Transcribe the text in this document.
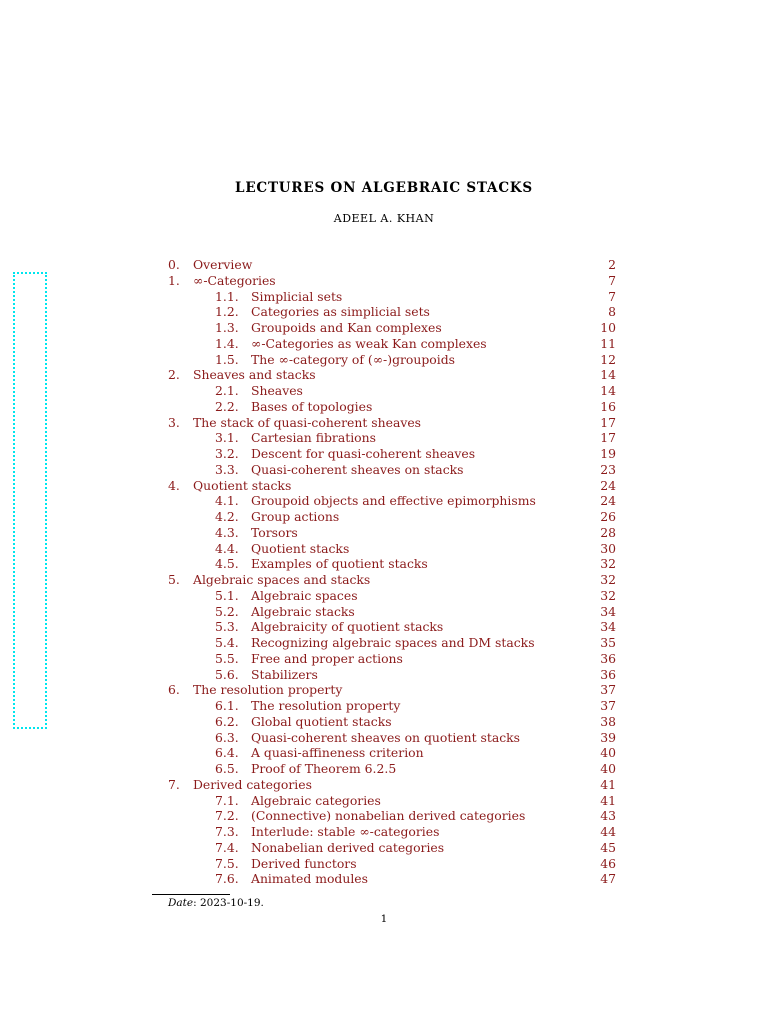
LECTURES ON ALGEBRAIC STACKS
ADEEL A. KHAN
0. Overview	2
1. ∞-Categories	7
1.1. Simplicial sets	7
1.2. Categories as simplicial sets	8
1.3. Groupoids and Kan complexes	10
1.4. ∞-Categories as weak Kan complexes	11
1.5. The ∞-category of (∞-)groupoids	12
2. Sheaves and stacks	14
2.1. Sheaves	14
2.2. Bases of topologies	16
3. The stack of quasi-coherent sheaves	17
3.1. Cartesian fibrations	17
3.2. Descent for quasi-coherent sheaves	19
3.3. Quasi-coherent sheaves on stacks	23
4. Quotient stacks	24
4.1. Groupoid objects and effective epimorphisms	24
4.2. Group actions	26
4.3. Torsors	28
4.4. Quotient stacks	30
4.5. Examples of quotient stacks	32
5. Algebraic spaces and stacks	32
5.1. Algebraic spaces	32
5.2. Algebraic stacks	34
5.3. Algebraicity of quotient stacks	34
5.4. Recognizing algebraic spaces and DM stacks	35
5.5. Free and proper actions	36
5.6. Stabilizers	36
6. The resolution property	37
6.1. The resolution property	37
6.2. Global quotient stacks	38
6.3. Quasi-coherent sheaves on quotient stacks	39
6.4. A quasi-affineness criterion	40
6.5. Proof of Theorem 6.2.5	40
7. Derived categories	41
7.1. Algebraic categories	41
7.2. (Connective) nonabelian derived categories	43
7.3. Interlude: stable ∞-categories	44
7.4. Nonabelian derived categories	45
7.5. Derived functors	46
7.6. Animated modules	47
Date: 2023-10-19.
1
